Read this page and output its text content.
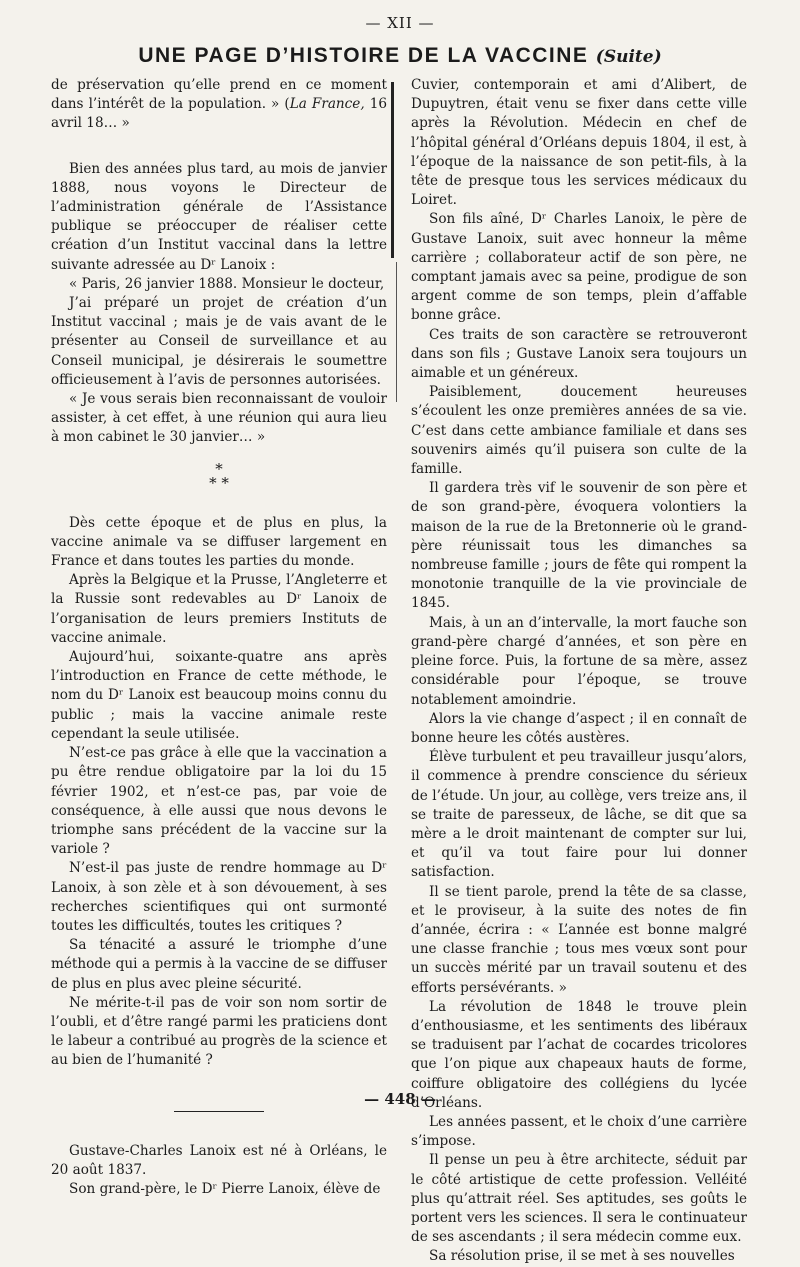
— XII —
UNE PAGE D’HISTOIRE DE LA VACCINE (Suite)

de préservation qu’elle prend en ce moment dans l’intérêt de la population. » (La France, 16 avril 18… »

Bien des années plus tard, au mois de janvier 1888, nous voyons le Directeur de l’administration générale de l’Assistance publique se préoccuper de réaliser cette création d’un Institut vaccinal dans la lettre suivante adressée au Dʳ Lanoix :

« Paris, 26 janvier 1888. Monsieur le docteur,

J’ai préparé un projet de création d’un Institut vaccinal ; mais je de vais avant de le présenter au Conseil de surveillance et au Conseil municipal, je désirerais le soumettre officieusement à l’avis de personnes autorisées.

« Je vous serais bien reconnaissant de vouloir assister, à cet effet, à une réunion qui aura lieu à mon cabinet le 30 janvier… »

*
* *

Dès cette époque et de plus en plus, la vaccine animale va se diffuser largement en France et dans toutes les parties du monde.

Après la Belgique et la Prusse, l’Angleterre et la Russie sont redevables au Dʳ Lanoix de l’organisation de leurs premiers Instituts de vaccine animale.

Aujourd’hui, soixante-quatre ans après l’introduction en France de cette méthode, le nom du Dʳ Lanoix est beaucoup moins connu du public ; mais la vaccine animale reste cependant la seule utilisée.

N’est-ce pas grâce à elle que la vaccination a pu être rendue obligatoire par la loi du 15 février 1902, et n’est-ce pas, par voie de conséquence, à elle aussi que nous devons le triomphe sans précédent de la vaccine sur la variole ?

N’est-il pas juste de rendre hommage au Dʳ Lanoix, à son zèle et à son dévouement, à ses recherches scientifiques qui ont surmonté toutes les difficultés, toutes les critiques ?

Sa ténacité a assuré le triomphe d’une méthode qui a permis à la vaccine de se diffuser de plus en plus avec pleine sécurité.

Ne mérite-t-il pas de voir son nom sortir de l’oubli, et d’être rangé parmi les praticiens dont le labeur a contribué au progrès de la science et au bien de l’humanité ?

Gustave-Charles Lanoix est né à Orléans, le 20 août 1837.

Son grand-père, le Dʳ Pierre Lanoix, élève de

Cuvier, contemporain et ami d’Alibert, de Dupuytren, était venu se fixer dans cette ville après la Révolution. Médecin en chef de l’hôpital général d’Orléans depuis 1804, il est, à l’époque de la naissance de son petit-fils, à la tête de presque tous les services médicaux du Loiret.

Son fils aîné, Dʳ Charles Lanoix, le père de Gustave Lanoix, suit avec honneur la même carrière ; collaborateur actif de son père, ne comptant jamais avec sa peine, prodigue de son argent comme de son temps, plein d’affable bonne grâce.

Ces traits de son caractère se retrouveront dans son fils ; Gustave Lanoix sera toujours un aimable et un généreux.

Paisiblement, doucement heureuses s’écoulent les onze premières années de sa vie. C’est dans cette ambiance familiale et dans ses souvenirs aimés qu’il puisera son culte de la famille.

Il gardera très vif le souvenir de son père et de son grand-père, évoquera volontiers la maison de la rue de la Bretonnerie où le grand-père réunissait tous les dimanches sa nombreuse famille ; jours de fête qui rompent la monotonie tranquille de la vie provinciale de 1845.

Mais, à un an d’intervalle, la mort fauche son grand-père chargé d’années, et son père en pleine force. Puis, la fortune de sa mère, assez considérable pour l’époque, se trouve notablement amoindrie.

Alors la vie change d’aspect ; il en connaît de bonne heure les côtés austères.

Élève turbulent et peu travailleur jusqu’alors, il commence à prendre conscience du sérieux de l’étude. Un jour, au collège, vers treize ans, il se traite de paresseux, de lâche, se dit que sa mère a le droit maintenant de compter sur lui, et qu’il va tout faire pour lui donner satisfaction.

Il se tient parole, prend la tête de sa classe, et le proviseur, à la suite des notes de fin d’année, écrira : « L’année est bonne malgré une classe franchie ; tous mes vœux sont pour un succès mérité par un travail soutenu et des efforts persévérants. »

La révolution de 1848 le trouve plein d’enthousiasme, et les sentiments des libéraux se traduisent par l’achat de cocardes tricolores que l’on pique aux chapeaux hauts de forme, coiffure obligatoire des collégiens du lycée d’Orléans.

Les années passent, et le choix d’une carrière s’impose.

Il pense un peu à être architecte, séduit par le côté artistique de cette profession. Velléité plus qu’attrait réel. Ses aptitudes, ses goûts le portent vers les sciences. Il sera le continuateur de ses ascendants ; il sera médecin comme eux.

Sa résolution prise, il se met à ses nouvelles

— 448 —
